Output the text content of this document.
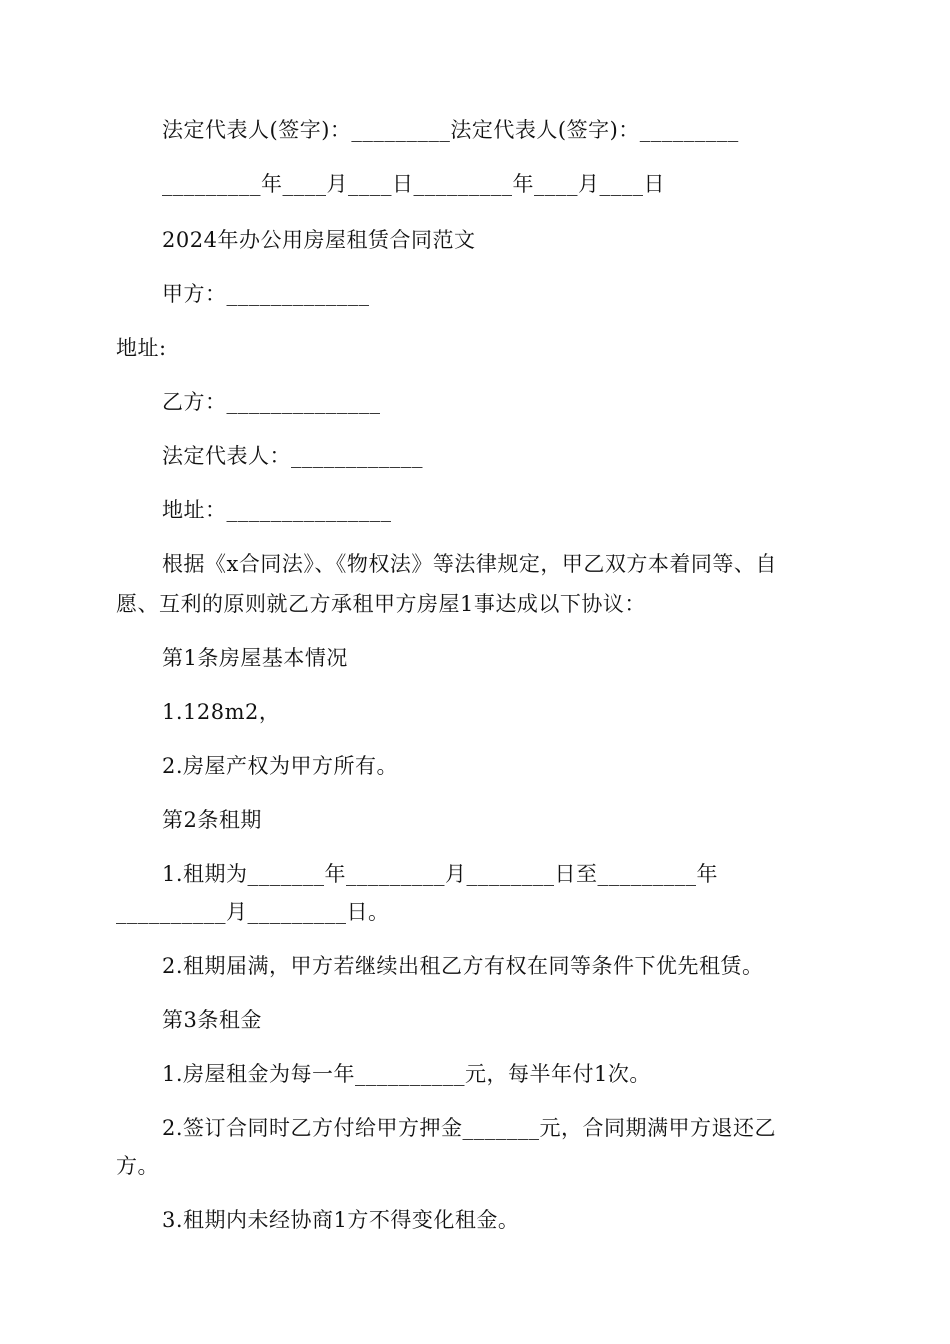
法定代表人(签字)：_________法定代表人(签字)：_________
_________年____月____日_________年____月____日
2024年办公用房屋租赁合同范文
甲方：_____________
地址:
乙方：______________
法定代表人：____________
地址：_______________
根据《x合同法》、《物权法》等法律规定，甲乙双方本着同等、自
愿、互利的原则就乙方承租甲方房屋1事达成以下协议：
第1条房屋基本情况
1.128m2，
2.房屋产权为甲方所有。
第2条租期
1.租期为_______年_________月________日至_________年
__________月_________日。
2.租期届满，甲方若继续出租乙方有权在同等条件下优先租赁。
第3条租金
1.房屋租金为每一年__________元，每半年付1次。
2.签订合同时乙方付给甲方押金_______元，合同期满甲方退还乙
方。
3.租期内未经协商1方不得变化租金。
